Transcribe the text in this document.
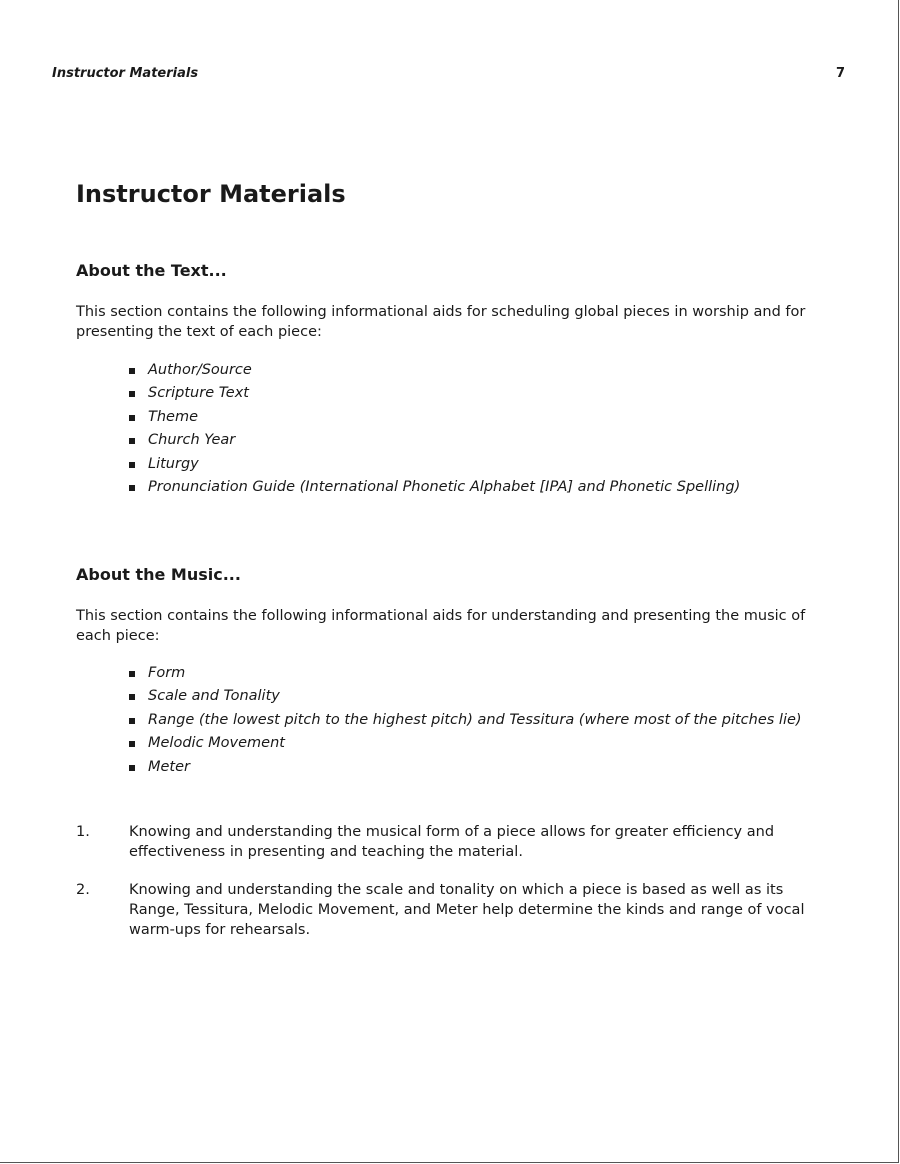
Instructor Materials	7
Instructor Materials
About the Text...

This section contains the following informational aids for scheduling global pieces in worship and for presenting the text of each piece:

Author/Source
Scripture Text
Theme
Church Year
Liturgy
Pronunciation Guide (International Phonetic Alphabet [IPA] and Phonetic Spelling)
About the Music...

This section contains the following informational aids for understanding and presenting the music of each piece:

Form
Scale and Tonality
Range (the lowest pitch to the highest pitch) and Tessitura (where most of the pitches lie)
Melodic Movement
Meter
1.	Knowing and understanding the musical form of a piece allows for greater efficiency and effectiveness in presenting and teaching the material.
2.	Knowing and understanding the scale and tonality on which a piece is based as well as its Range, Tessitura, Melodic Movement, and Meter help determine the kinds and range of vocal warm-ups for rehearsals.
